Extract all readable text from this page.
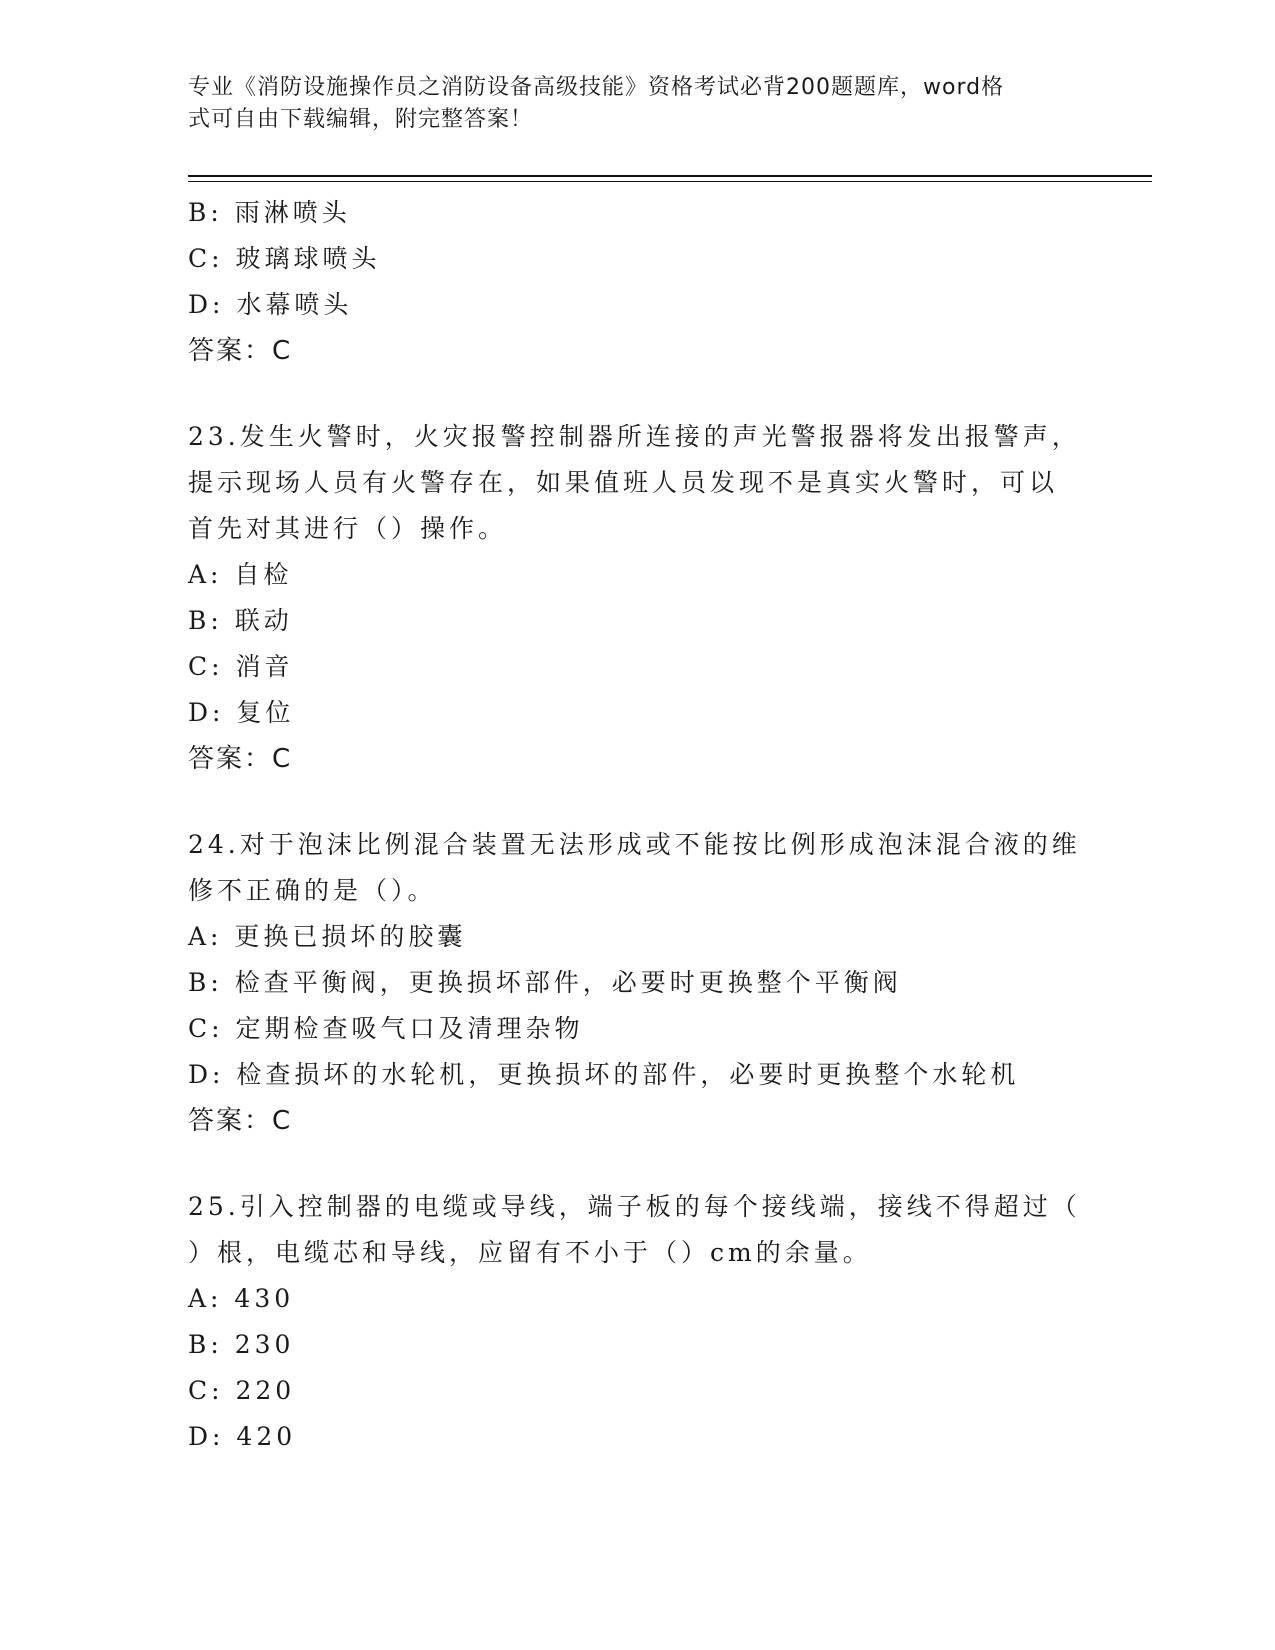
专业《消防设施操作员之消防设备高级技能》资格考试必背200题题库，word格
式可自由下载编辑，附完整答案！
B: 雨淋喷头
C: 玻璃球喷头
D: 水幕喷头
答案：C
23.发生火警时，火灾报警控制器所连接的声光警报器将发出报警声，
提示现场人员有火警存在，如果值班人员发现不是真实火警时，可以
首先对其进行（）操作。
A: 自检
B: 联动
C: 消音
D: 复位
答案：C
24.对于泡沫比例混合装置无法形成或不能按比例形成泡沫混合液的维
修不正确的是（）。
A: 更换已损坏的胶囊
B: 检查平衡阀，更换损坏部件，必要时更换整个平衡阀
C: 定期检查吸气口及清理杂物
D: 检查损坏的水轮机，更换损坏的部件，必要时更换整个水轮机
答案：C
25.引入控制器的电缆或导线，端子板的每个接线端，接线不得超过（
）根，电缆芯和导线，应留有不小于（）cm的余量。
A: 430
B: 230
C: 220
D: 420
